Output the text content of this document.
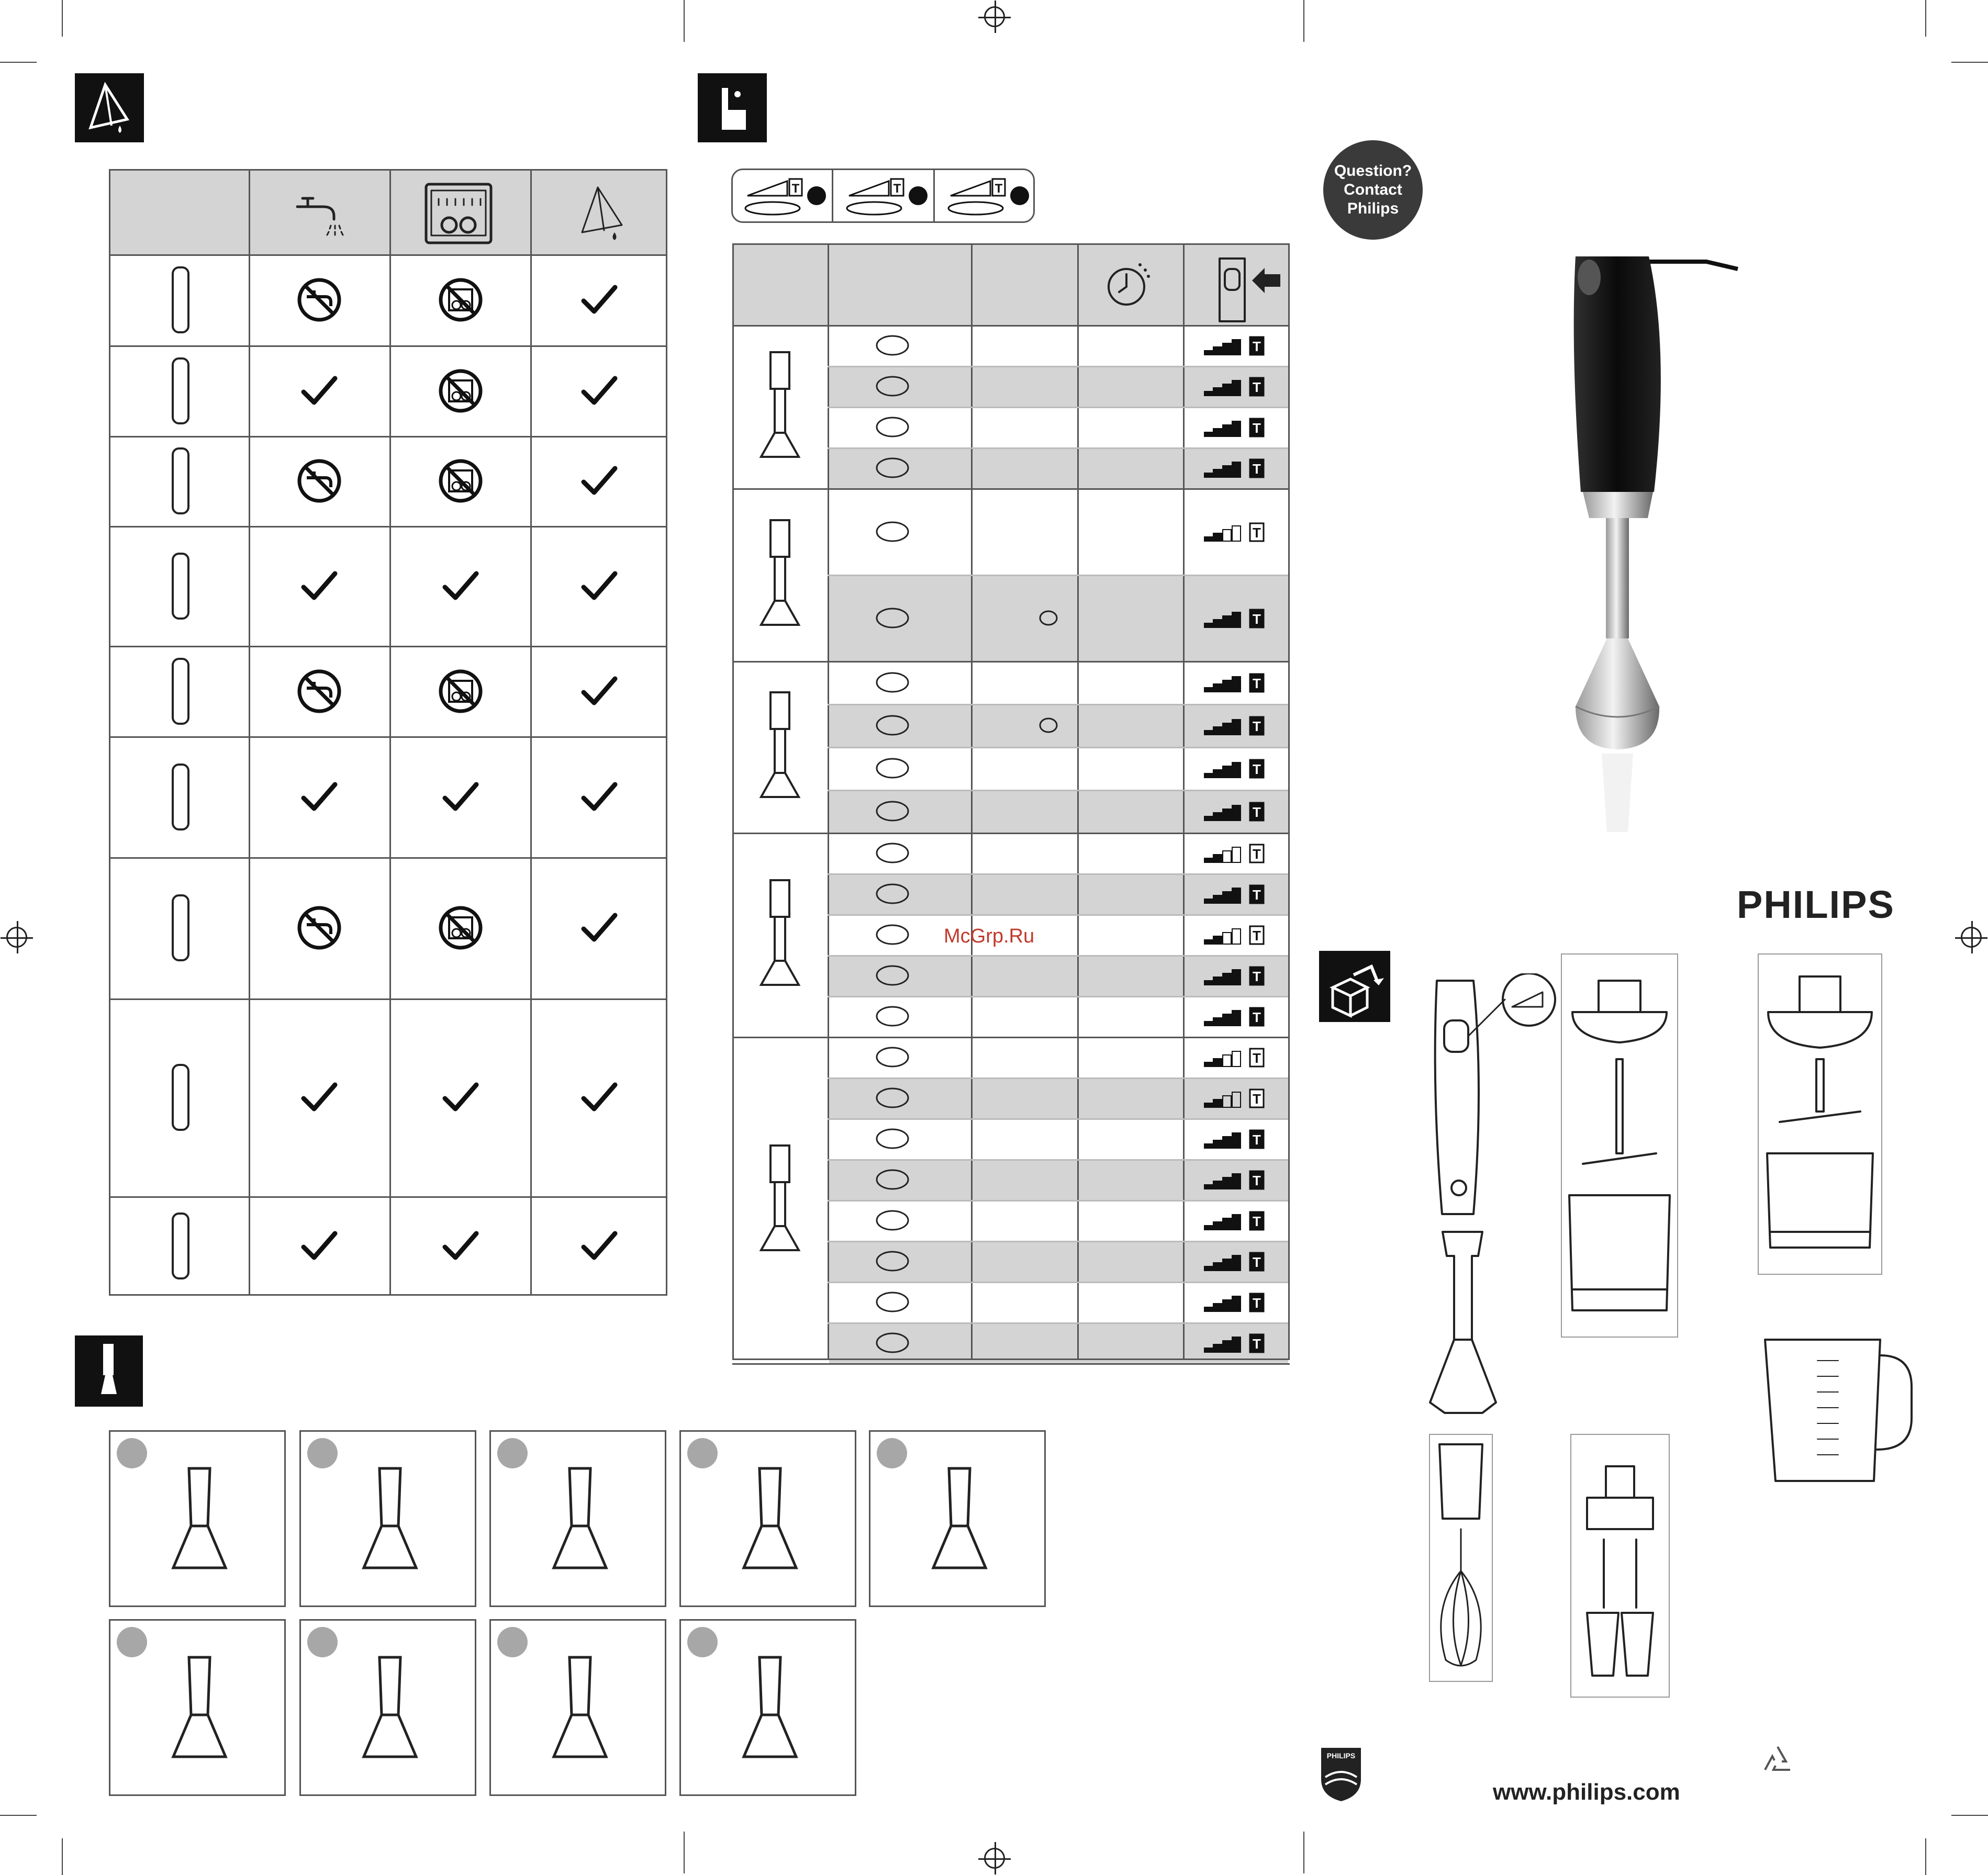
T	T	T
T
T
T
T
T
T
T
T
T
T
T
T
T
T
T
T
T
T
T
T
T
T
T
McGrp.Ru
Question?
Contact
Philips
PHILIPS
PHILIPS
www.philips.com
